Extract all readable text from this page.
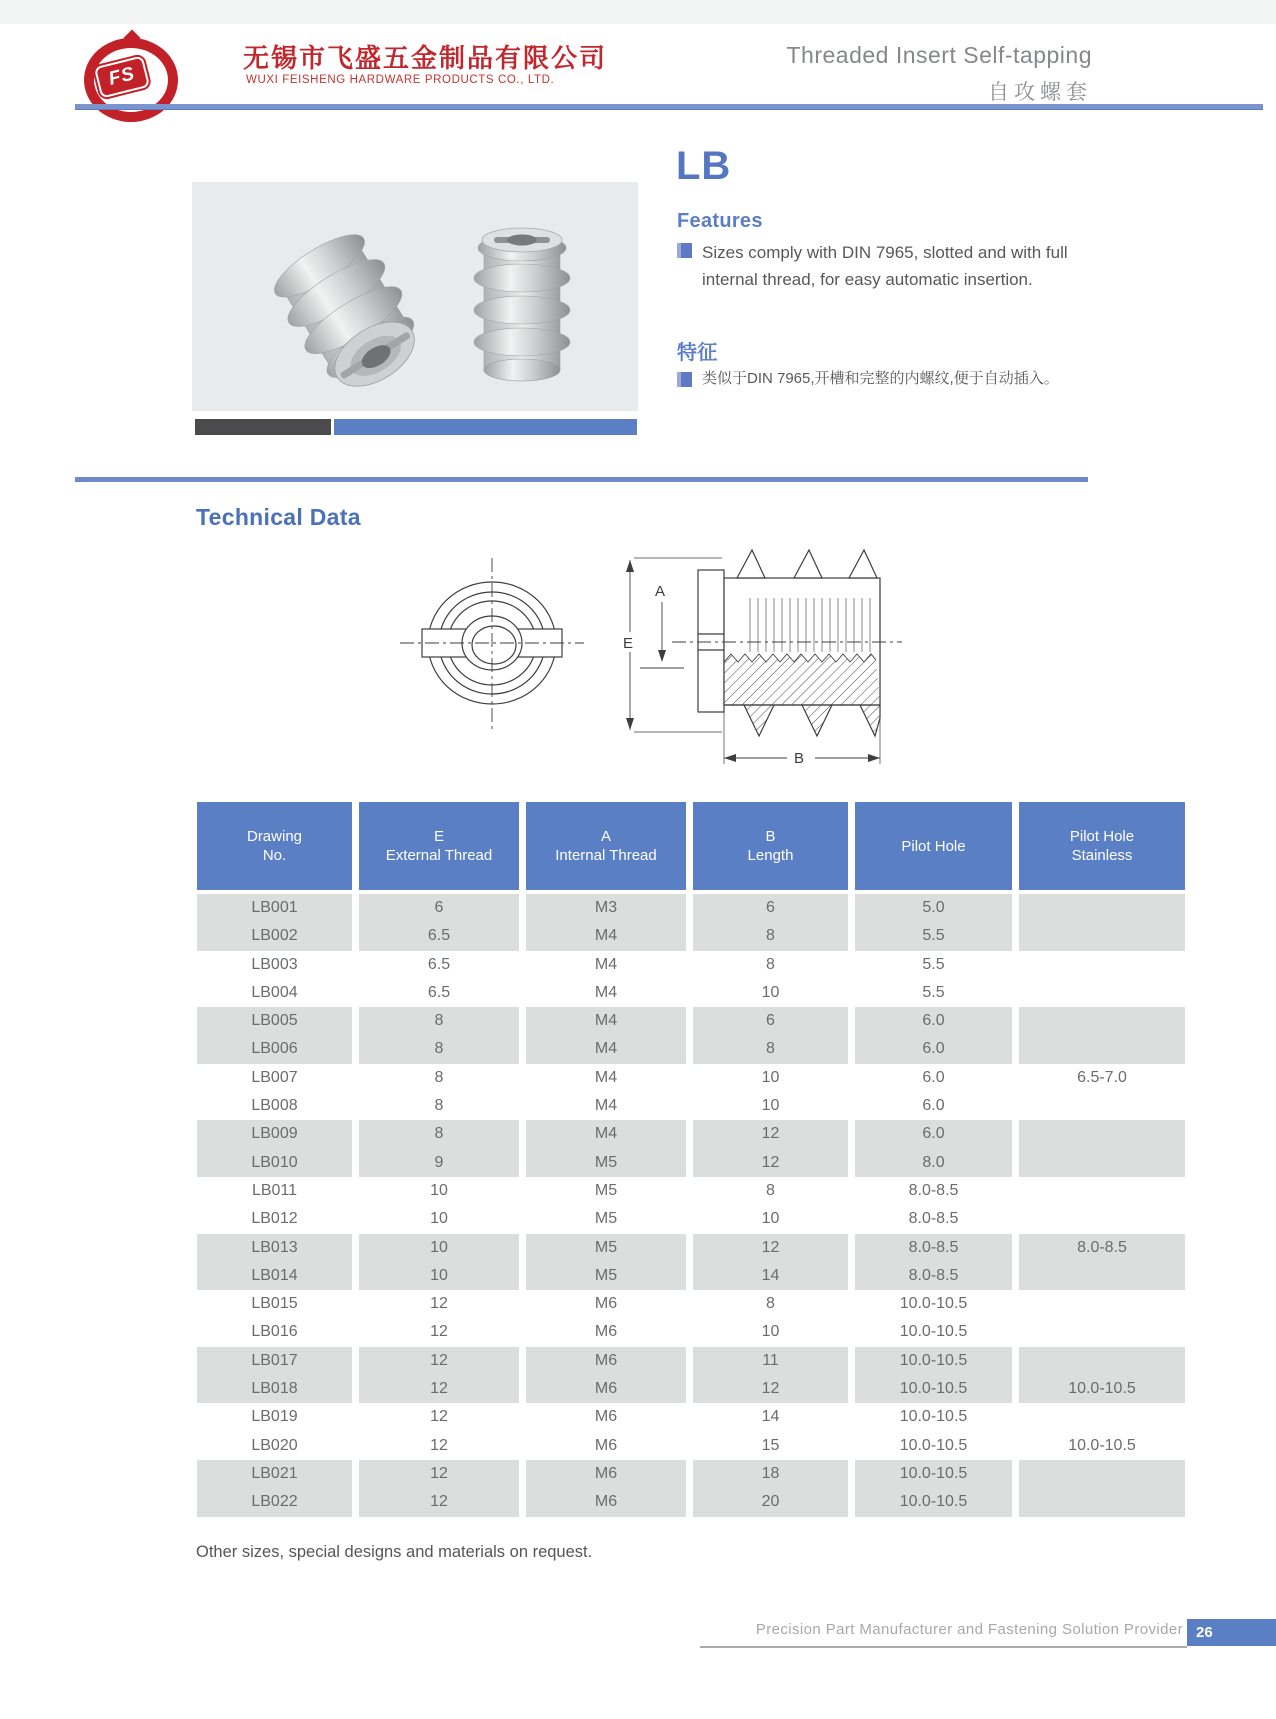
FS
无锡市飞盛五金制品有限公司
WUXI FEISHENG HARDWARE PRODUCTS CO., LTD.
Threaded Insert Self-tapping
自攻螺套
LB
Features
Sizes comply with DIN 7965, slotted and with full internal thread, for easy automatic insertion.
特征
类似于DIN 7965,开槽和完整的内螺纹,便于自动插入。
Technical Data
E
A
B
Drawing
No.
E
External Thread
A
Internal Thread
B
Length
Pilot Hole
Pilot Hole
Stainless
LB001	6	M3	6	5.0
LB002	6.5	M4	8	5.5
LB003	6.5	M4	8	5.5
LB004	6.5	M4	10	5.5
LB005	8	M4	6	6.0
LB006	8	M4	8	6.0
LB007	8	M4	10	6.0	6.5-7.0
LB008	8	M4	10	6.0
LB009	8	M4	12	6.0
LB010	9	M5	12	8.0
LB011	10	M5	8	8.0-8.5
LB012	10	M5	10	8.0-8.5
LB013	10	M5	12	8.0-8.5	8.0-8.5
LB014	10	M5	14	8.0-8.5
LB015	12	M6	8	10.0-10.5
LB016	12	M6	10	10.0-10.5
LB017	12	M6	11	10.0-10.5
LB018	12	M6	12	10.0-10.5	10.0-10.5
LB019	12	M6	14	10.0-10.5
LB020	12	M6	15	10.0-10.5	10.0-10.5
LB021	12	M6	18	10.0-10.5
LB022	12	M6	20	10.0-10.5
Other sizes, special designs and materials on request.
Precision Part Manufacturer and Fastening Solution Provider 26
